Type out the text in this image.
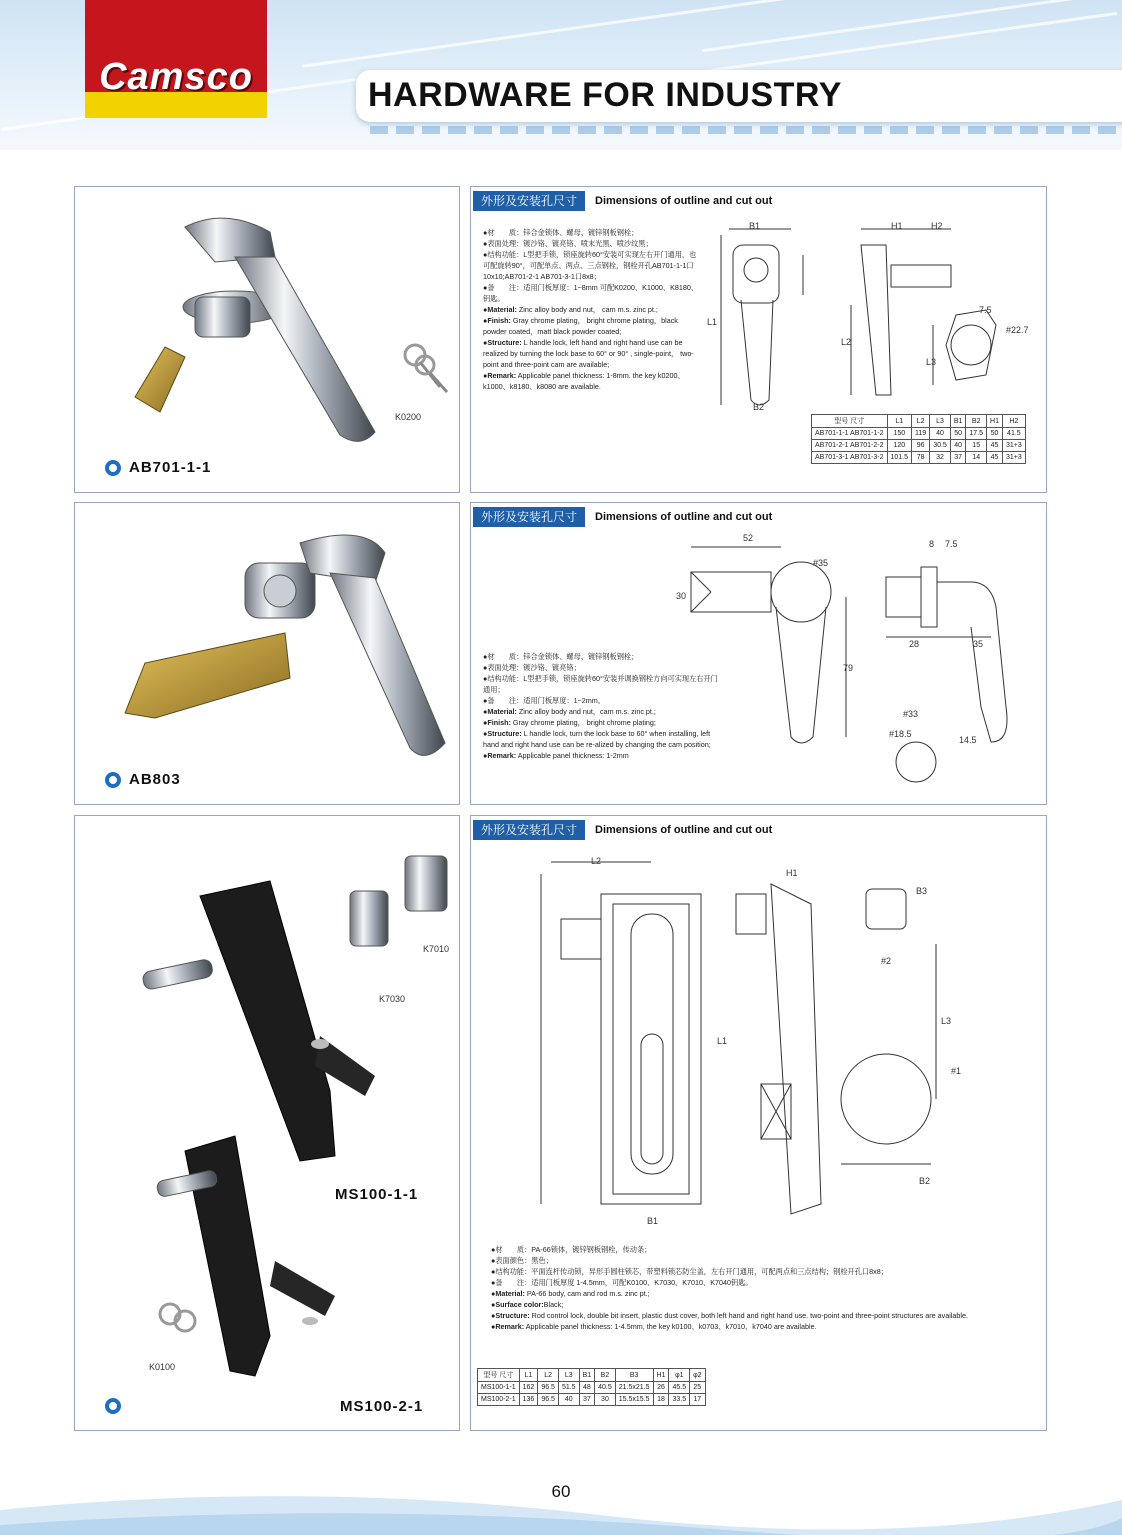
Camsco	HARDWARE FOR INDUSTRY
K0200
AB701-1-1
外形及安装孔尺寸	Dimensions of outline and cut out

●材　　质：锌合金锁体、螺母、镀锌钢板钢栓；

●表面处理：镀沙铬、镀亮铬、喷末光黑、喷沙纹黑；

●结构功能：L型把手锁，锁座旋转60°安装可实现左右开门通用，也可配旋转90°，可配单点、两点、三点钢栓，钢栓开孔AB701-1-1口10x10;AB701-2-1 AB701-3-1口8x8；

●备　　注：适用门板厚度：1~8mm 可配K0200、K1000、K8180、钥匙。

●Material: Zinc alloy body and nut， cam m.s. zinc pt.;

●Finish: Gray chrome plating， bright chrome plating，black powder coated，matt black powder coated;

●Structure: L handle lock, left hand and right hand use can be realized by turning the lock base to 60° or 90° , single-point， two-point and three-point cam are available;

●Remark: Applicable panel thickness: 1-8mm. the key k0200、k1000、k8180、k8080 are available.

B1	H1	H2
L1
L2
L3
B2
7.5
#22.7
型号 尺寸	L1	L2	L3	B1	B2	H1	H2
AB701-1-1 AB701-1-2	150	119	40	50	17.5	50	41.5
AB701-2-1 AB701-2-2	120	96	30.5	40	15	45	31+3
AB701-3-1 AB701-3-2	101.5	78	32	37	14	45	31+3
AB803
外形及安装孔尺寸	Dimensions of outline and cut out
52
#35
30
79
8 7.5
28	35
#33
#18.5
14.5

●材　　质：锌合金锁体、螺母、镀锌钢板钢栓；

●表面处理：镀沙铬、镀亮铬；

●结构功能：L型把手锁，锁座旋转60°安装并调换钢栓方向可实现左右开门通用；

●备　　注：适用门板厚度：1~2mm。

●Material: Zinc alloy body and nut，cam m.s. zinc pt.;

●Finish: Gray chrome plating， bright chrome plating;

●Structure: L handle lock, turn the lock base to 60° when installing, left hand and right hand use can be re-alized by changing the cam position;

●Remark: Applicable panel thickness: 1-2mm

K7010
K7030
K0100
MS100-1-1
MS100-2-1
外形及安装孔尺寸	Dimensions of outline and cut out
L2
H1
B3
#2
L1
L3
#1
B2
B1

●材　　质：PA-66锁体，镀锌钢板钢栓，传动条；

●表面颜色：黑色；

●结构功能：平面连杆传动锁，异形手圆柱锁芯，带塑料锁芯防尘盖，左右开门通用，可配两点和三点结构；钢栓开孔口8x8；

●备　　注：适用门板厚度 1-4.5mm，可配K0100、K7030、K7010、K7040钥匙。

●Material: PA-66 body, cam and rod m.s. zinc pt.;

●Surface color:Black;

●Structure: Rod control lock, double bit insert, plastic dust cover, both left hand and right hand use. two-point and three-point structures are available.

●Remark: Applicable panel thickness: 1-4.5mm, the key k0100、k0703、k7010、k7040 are available.

型号 尺寸	L1	L2	L3	B1	B2	B3	H1	φ1	φ2
MS100-1-1	162	96.5	51.5	48	40.5	21.5x21.5	26	45.5	25
MS100-2-1	136	96.5	40	37	30	15.5x15.5	18	33.5	17
60
